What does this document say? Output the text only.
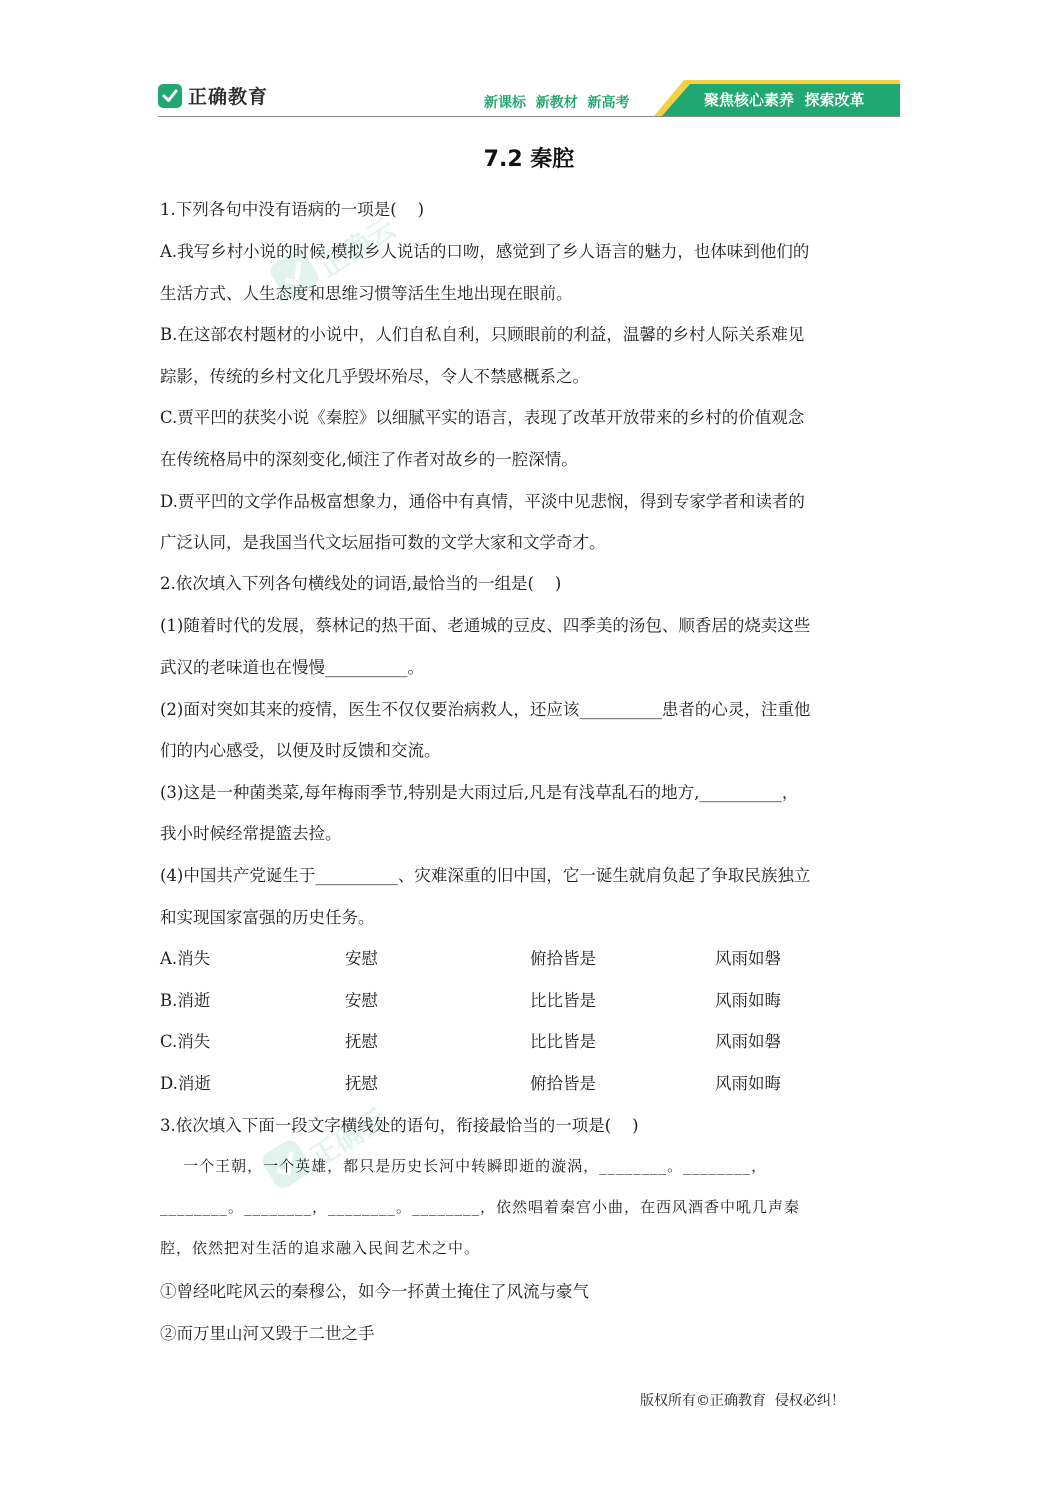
正确教育	新课标  新教材  新高考	聚焦核心素养  探索改革
正确云
正确云
7.2 秦腔
1.下列各句中没有语病的一项是(    )
A.我写乡村小说的时候,模拟乡人说话的口吻，感觉到了乡人语言的魅力，也体味到他们的
生活方式、人生态度和思维习惯等活生生地出现在眼前。
B.在这部农村题材的小说中，人们自私自利，只顾眼前的利益，温馨的乡村人际关系难见
踪影，传统的乡村文化几乎毁坏殆尽，令人不禁感概系之。
C.贾平凹的获奖小说《秦腔》以细腻平实的语言，表现了改革开放带来的乡村的价值观念
在传统格局中的深刻变化,倾注了作者对故乡的一腔深情。
D.贾平凹的文学作品极富想象力，通俗中有真情，平淡中见悲悯，得到专家学者和读者的
广泛认同，是我国当代文坛屈指可数的文学大家和文学奇才。
2.依次填入下列各句横线处的词语,最恰当的一组是(    )
(1)随着时代的发展，蔡林记的热干面、老通城的豆皮、四季美的汤包、顺香居的烧卖这些
武汉的老味道也在慢慢__________。
(2)面对突如其来的疫情，医生不仅仅要治病救人，还应该__________患者的心灵，注重他
们的内心感受，以便及时反馈和交流。
(3)这是一种菌类菜,每年梅雨季节,特别是大雨过后,凡是有浅草乱石的地方,__________，
我小时候经常提篮去捡。
(4)中国共产党诞生于__________、灾难深重的旧中国，它一诞生就肩负起了争取民族独立
和实现国家富强的历史任务。
A.消失	安慰	俯拾皆是	风雨如磐
B.消逝	安慰	比比皆是	风雨如晦
C.消失	抚慰	比比皆是	风雨如磐
D.消逝	抚慰	俯拾皆是	风雨如晦
3.依次填入下面一段文字横线处的语句，衔接最恰当的一项是(    )
一个王朝，一个英雄，都只是历史长河中转瞬即逝的漩涡，________。________，
________。________，________。________，依然唱着秦宫小曲，在西风酒香中吼几声秦
腔，依然把对生活的追求融入民间艺术之中。
①曾经叱咤风云的秦穆公，如今一抔黄土掩住了风流与豪气
②而万里山河又毁于二世之手
版权所有©正确教育  侵权必纠！
